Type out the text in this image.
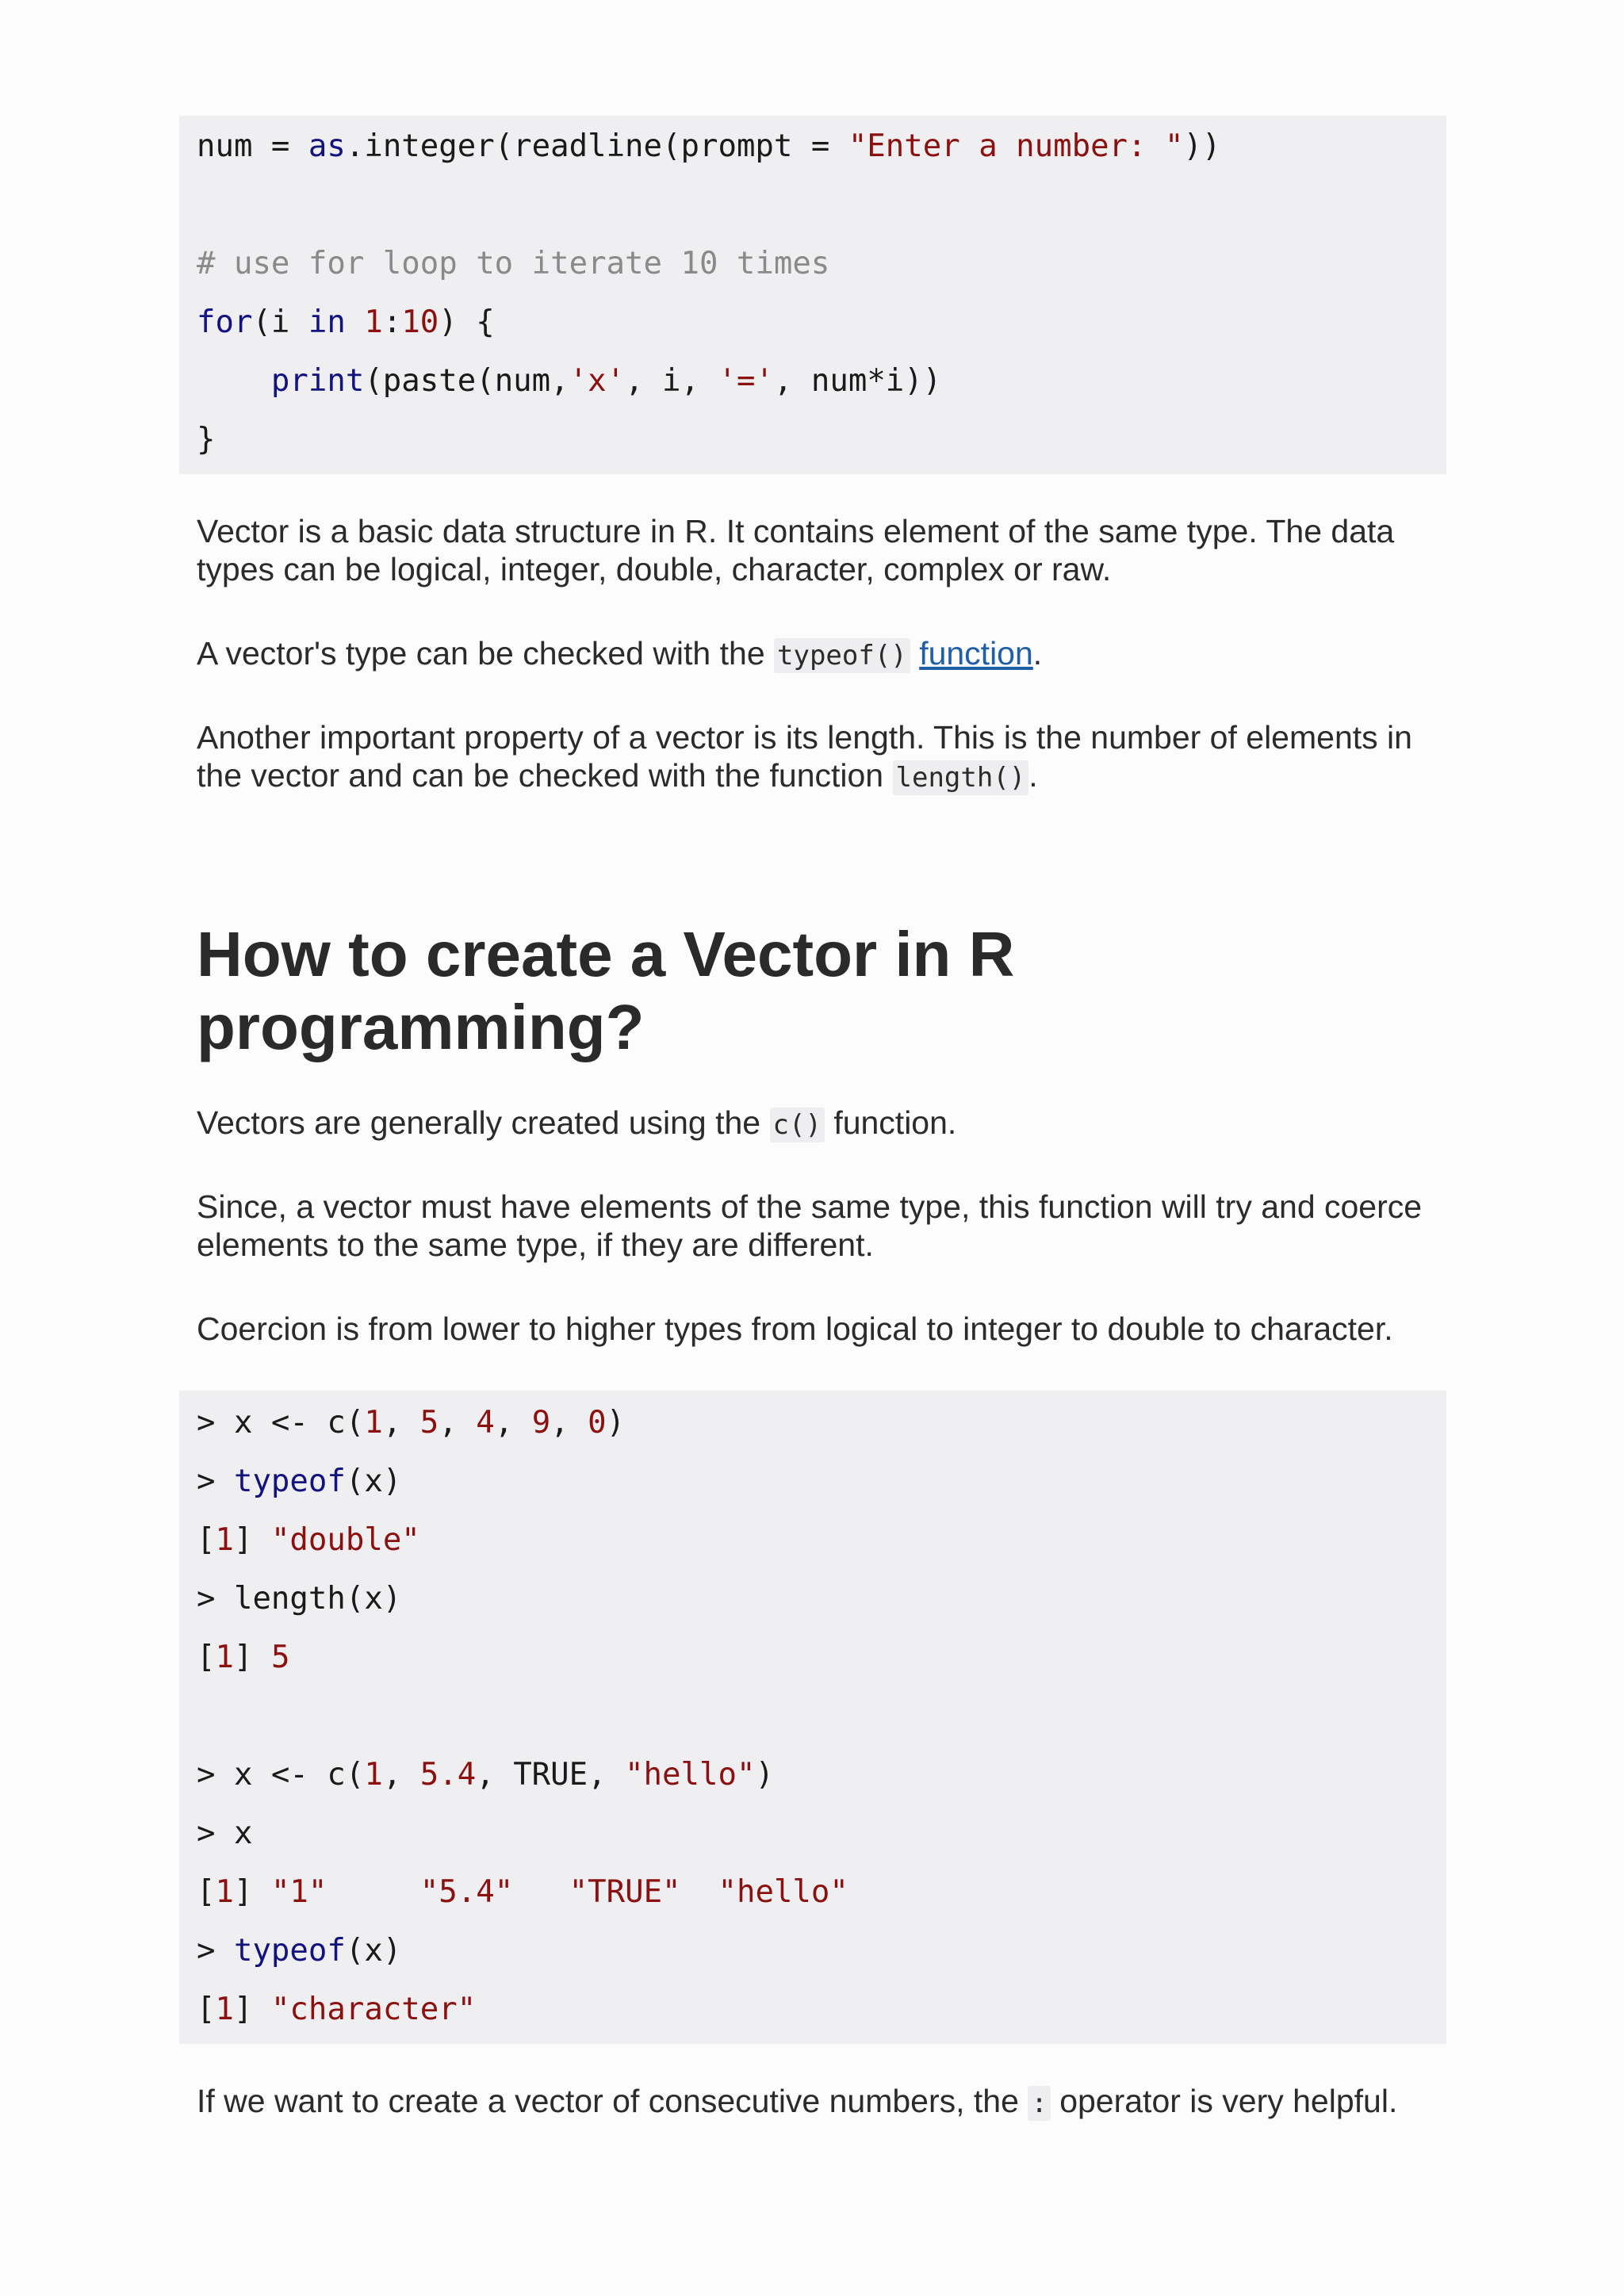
num = as.integer(readline(prompt = "Enter a number: "))

# use for loop to iterate 10 times
for(i in 1:10) {
print(paste(num,'x', i, '=', num*i))
}

Vector is a basic data structure in R. It contains element of the same type. The data types can be logical, integer, double, character, complex or raw.

A vector's type can be checked with the typeof() function.

Another important property of a vector is its length. This is the number of elements in the vector and can be checked with the function length().

How to create a Vector in R programming?

Vectors are generally created using the c() function.

Since, a vector must have elements of the same type, this function will try and coerce elements to the same type, if they are different.

Coercion is from lower to higher types from logical to integer to double to character.

> x <- c(1, 5, 4, 9, 0)
> typeof(x)
[1] "double"
> length(x)
[1] 5

> x <- c(1, 5.4, TRUE, "hello")
> x
[1] "1"	"5.4" "TRUE" "hello"
> typeof(x)
[1] "character"

If we want to create a vector of consecutive numbers, the : operator is very helpful.
